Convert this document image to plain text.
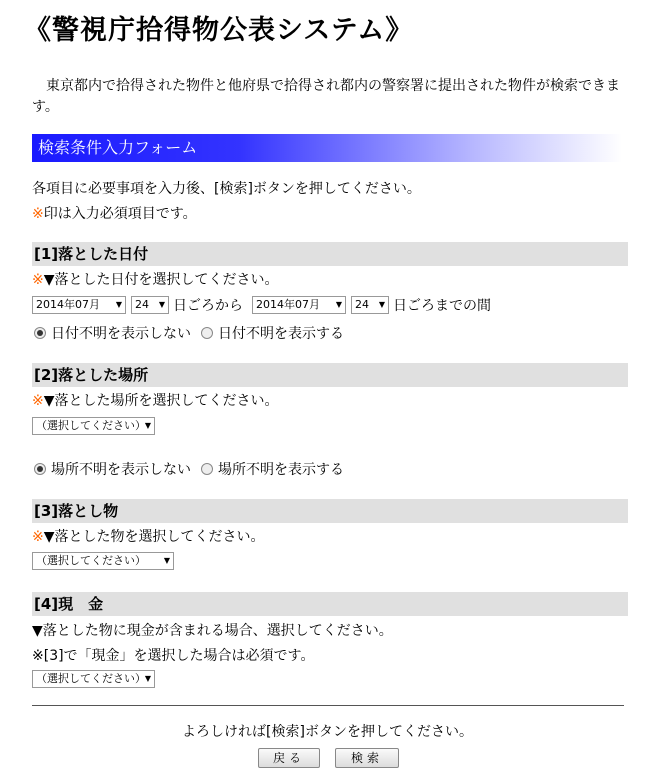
《警視庁拾得物公表システム》
　東京都内で拾得された物件と他府県で拾得され都内の警察署に提出された物件が検索できます。
検索条件入力フォーム
各項目に必要事項を入力後、[検索]ボタンを押してください。
※印は入力必須項目です。
[1]落とした日付
※▼落とした日付を選択してください。
2014年07月 ▼	24 ▼ 日ごろから	2014年07月 ▼	24 ▼ 日ごろまでの間
日付不明を表示しない 日付不明を表示する
[2]落とした場所
※▼落とした場所を選択してください。
（選択してください）
▼
場所不明を表示しない 場所不明を表示する
[3]落とし物
※▼落とした物を選択してください。
（選択してください） ▼
[4]現　金
▼落とした物に現金が含まれる場合、選択してください。
※[3]で「現金」を選択した場合は必須です。
（選択してください）
▼
よろしければ[検索]ボタンを押してください。
戻る	検索
